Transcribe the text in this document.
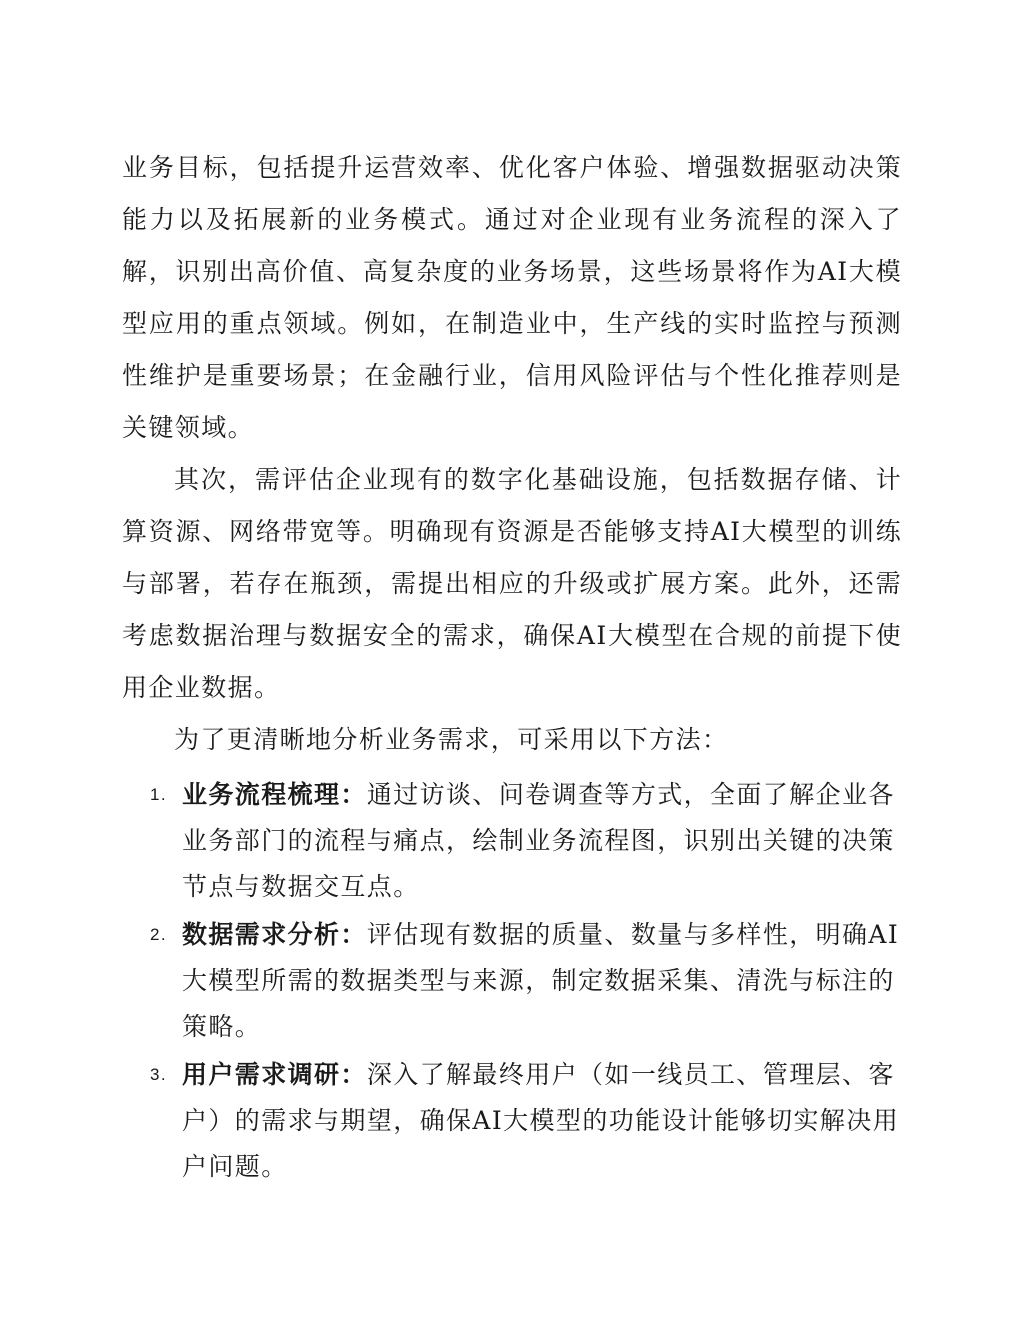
业务目标，包括提升运营效率、优化客户体验、增强数据驱动决策能力以及拓展新的业务模式。通过对企业现有业务流程的深入了解，识别出高价值、高复杂度的业务场景，这些场景将作为AI大模型应用的重点领域。例如，在制造业中，生产线的实时监控与预测性维护是重要场景；在金融行业，信用风险评估与个性化推荐则是关键领域。

其次，需评估企业现有的数字化基础设施，包括数据存储、计算资源、网络带宽等。明确现有资源是否能够支持AI大模型的训练与部署，若存在瓶颈，需提出相应的升级或扩展方案。此外，还需考虑数据治理与数据安全的需求，确保AI大模型在合规的前提下使用企业数据。

为了更清晰地分析业务需求，可采用以下方法：

1. 业务流程梳理：通过访谈、问卷调查等方式，全面了解企业各业务部门的流程与痛点，绘制业务流程图，识别出关键的决策节点与数据交互点。
2. 数据需求分析：评估现有数据的质量、数量与多样性，明确AI大模型所需的数据类型与来源，制定数据采集、清洗与标注的策略。
3. 用户需求调研：深入了解最终用户（如一线员工、管理层、客户）的需求与期望，确保AI大模型的功能设计能够切实解决用户问题。
